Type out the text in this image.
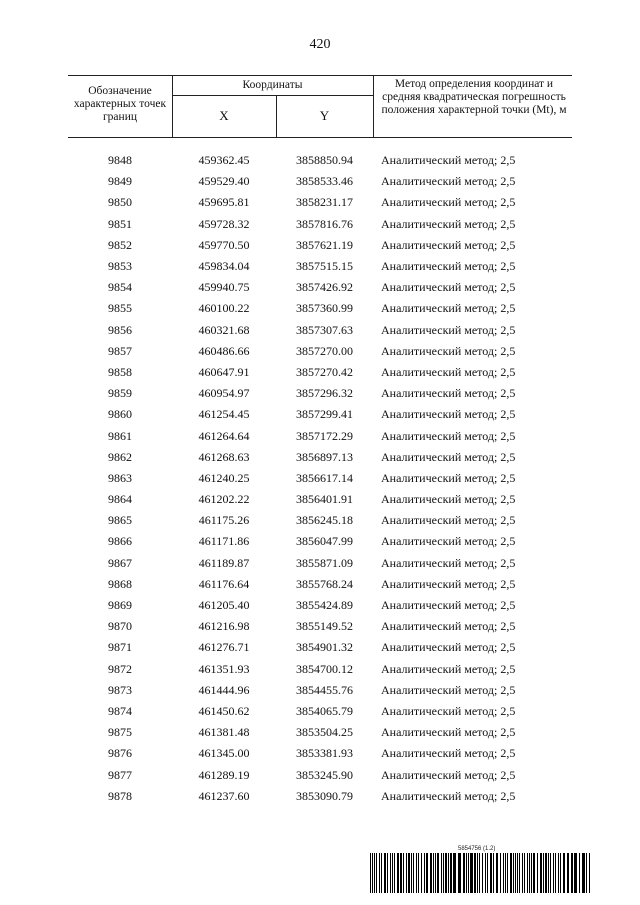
420
Обозначение характерных точек границ
Координаты
X	Y
Метод определения координат и средняя квадратическая погрешность положения характерной точки (Mt), м
9848	459362.45	3858850.94	Аналитический метод; 2,5
9849	459529.40	3858533.46	Аналитический метод; 2,5
9850	459695.81	3858231.17	Аналитический метод; 2,5
9851	459728.32	3857816.76	Аналитический метод; 2,5
9852	459770.50	3857621.19	Аналитический метод; 2,5
9853	459834.04	3857515.15	Аналитический метод; 2,5
9854	459940.75	3857426.92	Аналитический метод; 2,5
9855	460100.22	3857360.99	Аналитический метод; 2,5
9856	460321.68	3857307.63	Аналитический метод; 2,5
9857	460486.66	3857270.00	Аналитический метод; 2,5
9858	460647.91	3857270.42	Аналитический метод; 2,5
9859	460954.97	3857296.32	Аналитический метод; 2,5
9860	461254.45	3857299.41	Аналитический метод; 2,5
9861	461264.64	3857172.29	Аналитический метод; 2,5
9862	461268.63	3856897.13	Аналитический метод; 2,5
9863	461240.25	3856617.14	Аналитический метод; 2,5
9864	461202.22	3856401.91	Аналитический метод; 2,5
9865	461175.26	3856245.18	Аналитический метод; 2,5
9866	461171.86	3856047.99	Аналитический метод; 2,5
9867	461189.87	3855871.09	Аналитический метод; 2,5
9868	461176.64	3855768.24	Аналитический метод; 2,5
9869	461205.40	3855424.89	Аналитический метод; 2,5
9870	461216.98	3855149.52	Аналитический метод; 2,5
9871	461276.71	3854901.32	Аналитический метод; 2,5
9872	461351.93	3854700.12	Аналитический метод; 2,5
9873	461444.96	3854455.76	Аналитический метод; 2,5
9874	461450.62	3854065.79	Аналитический метод; 2,5
9875	461381.48	3853504.25	Аналитический метод; 2,5
9876	461345.00	3853381.93	Аналитический метод; 2,5
9877	461289.19	3853245.90	Аналитический метод; 2,5
9878	461237.60	3853090.79	Аналитический метод; 2,5
5854756 (1.2)
